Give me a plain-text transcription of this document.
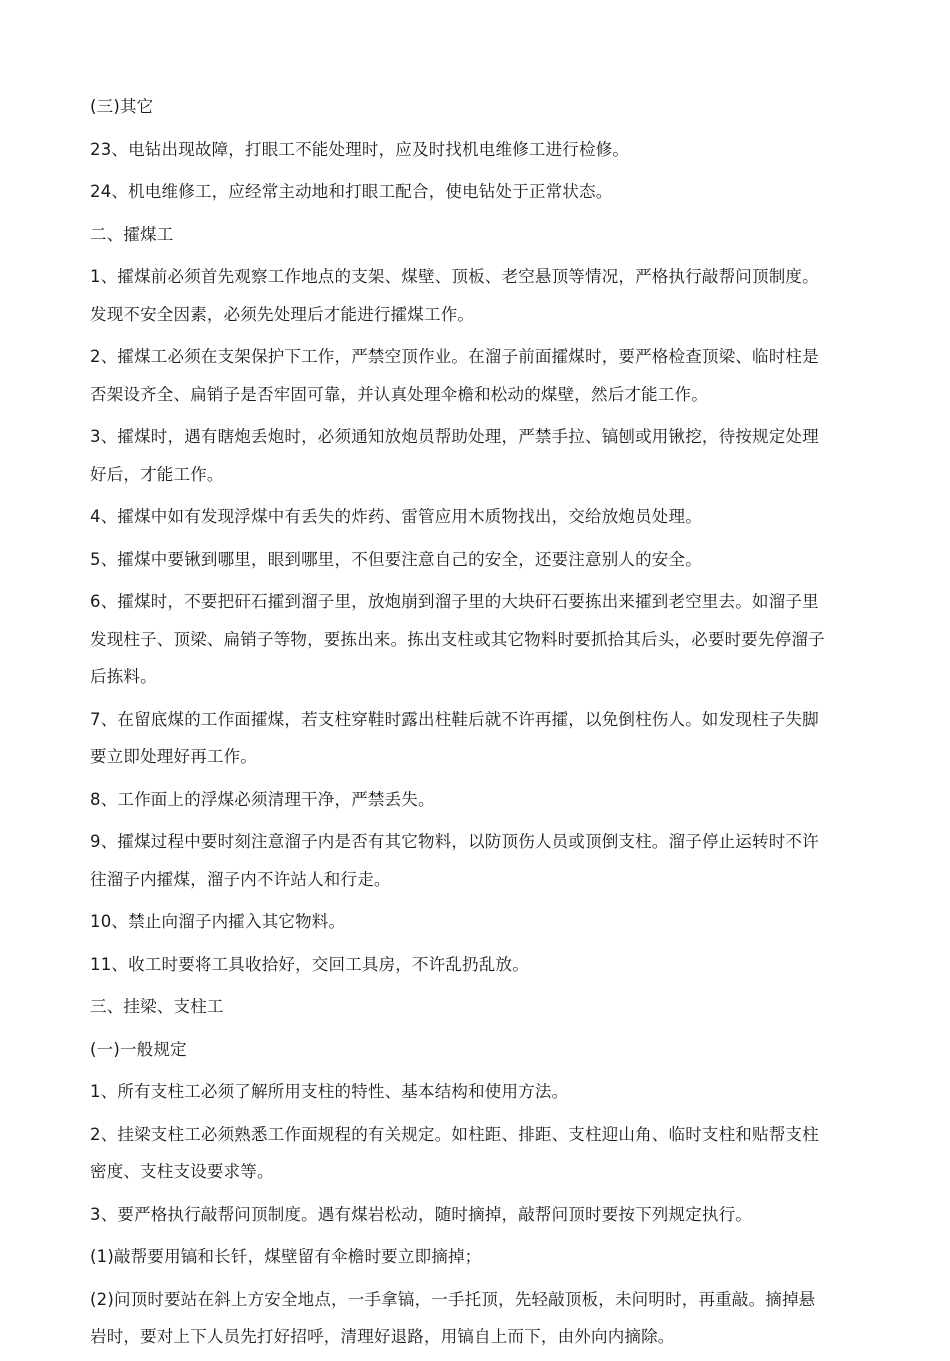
(三)其它

23、电钻出现故障，打眼工不能处理时，应及时找机电维修工进行检修。

24、机电维修工，应经常主动地和打眼工配合，使电钻处于正常状态。

二、攉煤工

1、攉煤前必须首先观察工作地点的支架、煤壁、顶板、老空悬顶等情况，严格执行敲帮问顶制度。发现不安全因素，必须先处理后才能进行攉煤工作。

2、攉煤工必须在支架保护下工作，严禁空顶作业。在溜子前面攉煤时，要严格检查顶梁、临时柱是否架设齐全、扁销子是否牢固可靠，并认真处理伞檐和松动的煤壁，然后才能工作。

3、攉煤时，遇有瞎炮丢炮时，必须通知放炮员帮助处理，严禁手拉、镐刨或用锹挖，待按规定处理好后，才能工作。

4、攉煤中如有发现浮煤中有丢失的炸药、雷管应用木质物找出，交给放炮员处理。

5、攉煤中要锹到哪里，眼到哪里，不但要注意自己的安全，还要注意别人的安全。

6、攉煤时，不要把矸石攉到溜子里，放炮崩到溜子里的大块矸石要拣出来攉到老空里去。如溜子里发现柱子、顶梁、扁销子等物，要拣出来。拣出支柱或其它物料时要抓拾其后头，必要时要先停溜子后拣料。

7、在留底煤的工作面攉煤，若支柱穿鞋时露出柱鞋后就不许再攉，以免倒柱伤人。如发现柱子失脚要立即处理好再工作。

8、工作面上的浮煤必须清理干净，严禁丢失。

9、攉煤过程中要时刻注意溜子内是否有其它物料，以防顶伤人员或顶倒支柱。溜子停止运转时不许往溜子内攉煤，溜子内不许站人和行走。

10、禁止向溜子内攉入其它物料。

11、收工时要将工具收拾好，交回工具房，不许乱扔乱放。

三、挂梁、支柱工

(一)一般规定

1、所有支柱工必须了解所用支柱的特性、基本结构和使用方法。

2、挂梁支柱工必须熟悉工作面规程的有关规定。如柱距、排距、支柱迎山角、临时支柱和贴帮支柱密度、支柱支设要求等。

3、要严格执行敲帮问顶制度。遇有煤岩松动，随时摘掉，敲帮问顶时要按下列规定执行。

(1)敲帮要用镐和长钎，煤壁留有伞檐时要立即摘掉；

(2)问顶时要站在斜上方安全地点，一手拿镐，一手托顶，先轻敲顶板，未问明时，再重敲。摘掉悬岩时，要对上下人员先打好招呼，清理好退路，用镐自上而下，由外向内摘除。
